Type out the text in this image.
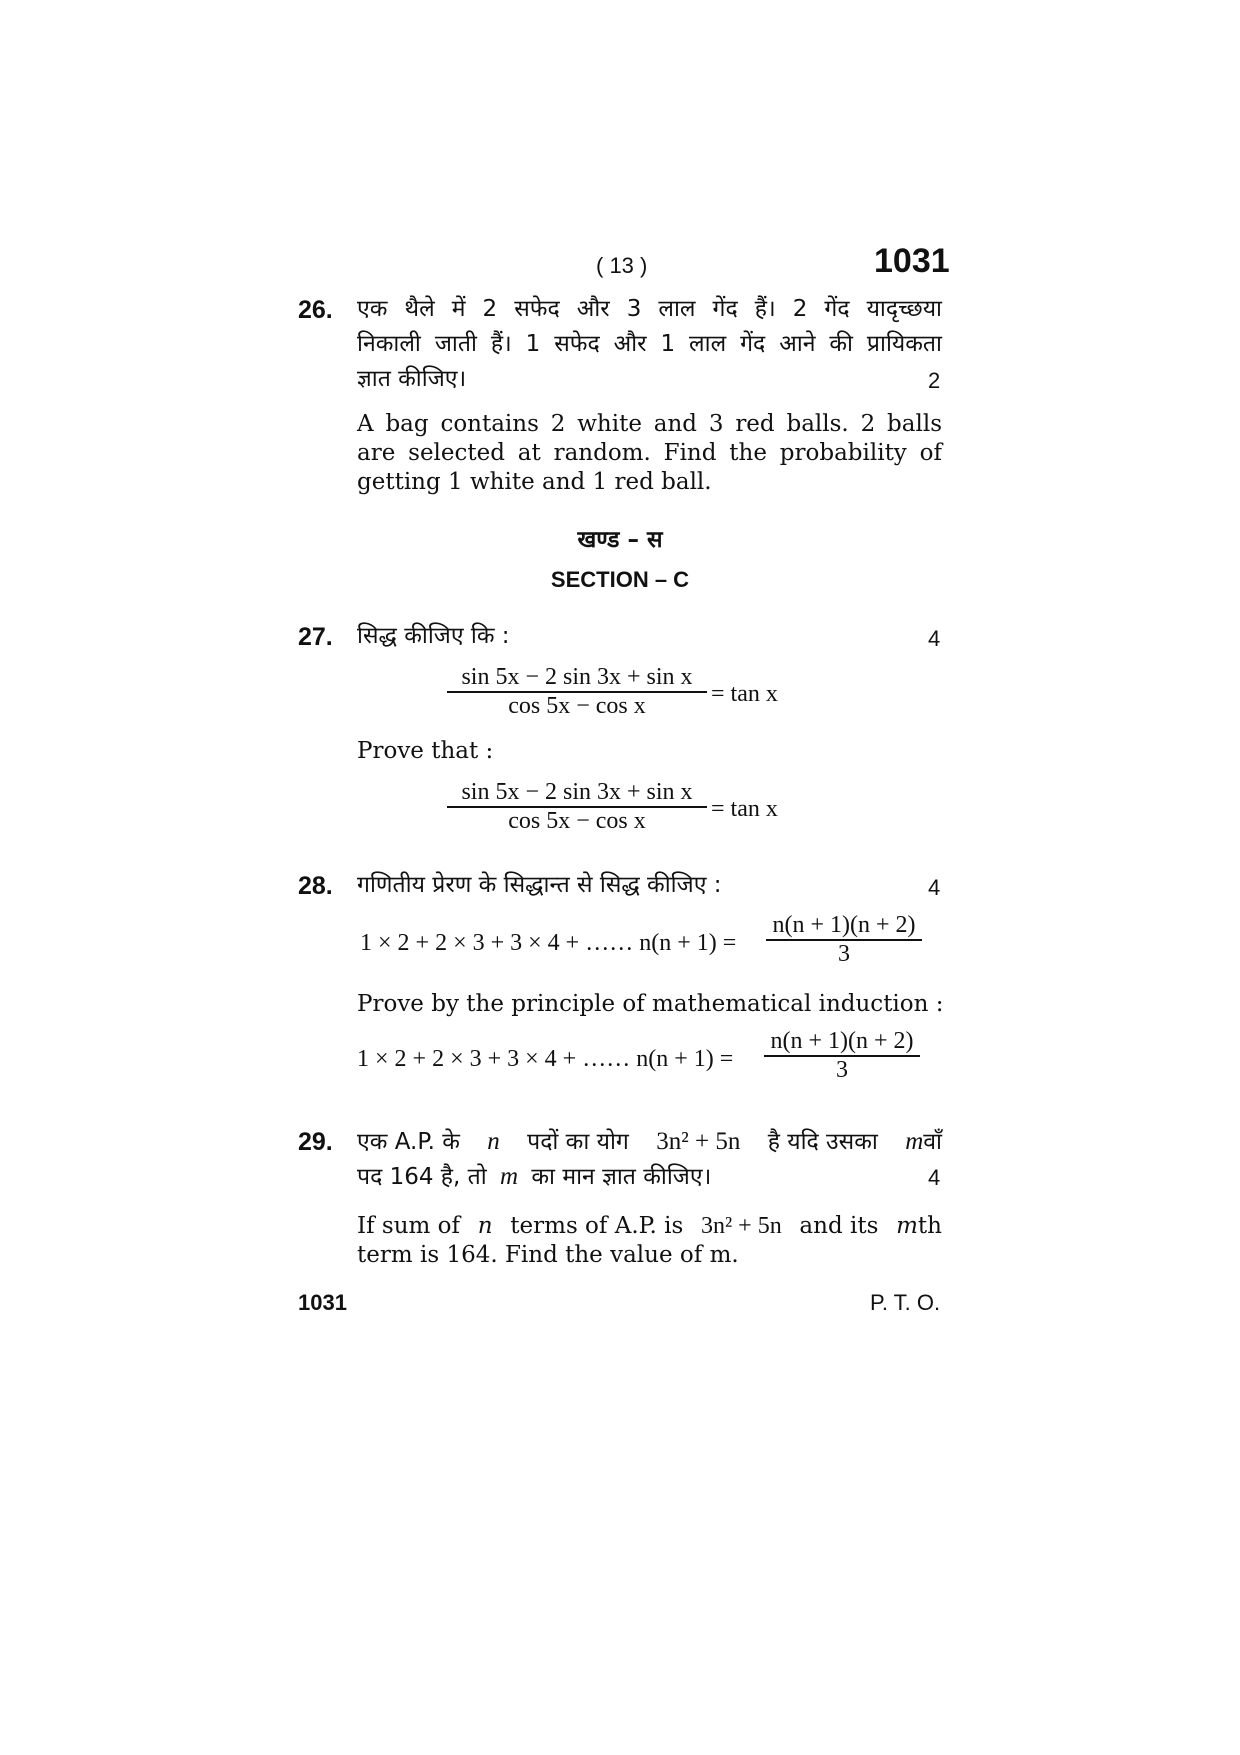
( 13 )	1031
26. एक थैले में 2 सफेद और 3 लाल गेंद हैं। 2 गेंद यादृच्छया
निकाली जाती हैं। 1 सफेद और 1 लाल गेंद आने की प्रायिकता
ज्ञात कीजिए।	2
A bag contains 2 white and 3 red balls. 2 balls
are selected at random. Find the probability of
getting 1 white and 1 red ball.
खण्ड – स
SECTION – C
27. सिद्ध कीजिए कि :	4
sin 5x − 2 sin 3x + sin x
cos 5x − cos x	= tan x
Prove that :
sin 5x − 2 sin 3x + sin x
cos 5x − cos x	= tan x
28. गणितीय प्रेरण के सिद्धान्त से सिद्ध कीजिए :	4
1 × 2 + 2 × 3 + 3 × 4 + …… n(n + 1) =
n(n + 1)(n + 2)
3
Prove by the principle of mathematical induction :
1 × 2 + 2 × 3 + 3 × 4 + …… n(n + 1) =
n(n + 1)(n + 2)
3
29. एक A.P. के n पदों का योग 3n² + 5n है यदि उसका mवाँ
पद 164 है, तो m का मान ज्ञात कीजिए।	4
If sum of n terms of A.P. is 3n² + 5n and its mth
term is 164. Find the value of m.
1031	P. T. O.
